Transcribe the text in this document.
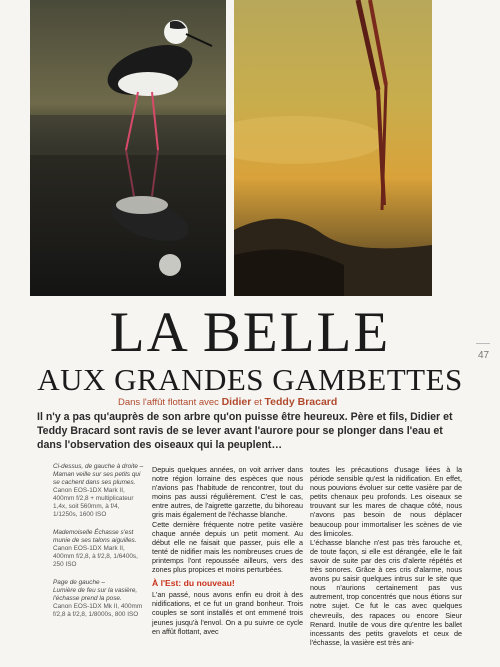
LA BELLE
AUX GRANDES GAMBETTES
Dans l'affût flottant avec Didier et Teddy Bracard
47
Il n'y a pas qu'auprès de son arbre qu'on puisse être heureux. Père et fils, Didier et Teddy Bracard sont ravis de se lever avant l'aurore pour se plonger dans l'eau et dans l'observation des oiseaux qui la peuplent…
Ci-dessus, de gauche à droite –
Maman veille sur ses petits qui se cachent dans ses plumes.
Canon EOS-1DX Mark II, 400mm f/2,8 + multiplicateur 1,4x, soit 560mm, à f/4, 1/1250s, 1600 ISO
Mademoiselle Échasse s'est munie de ses talons aiguilles.
Canon EOS-1DX Mark II, 400mm f/2,8, à f/2,8, 1/6400s, 250 ISO
Page de gauche –
Lumière de feu sur la vasière, l'échasse prend la pose.
Canon EOS-1DX Mk II, 400mm f/2,8 à f/2,8, 1/8000s, 800 ISO

Depuis quelques années, on voit arriver dans notre région lorraine des espèces que nous n'avions pas l'habitude de rencontrer, tout du moins pas aussi régulièrement. C'est le cas, entre autres, de l'aigrette garzette, du bihoreau gris mais également de l'échasse blanche.

Cette dernière fréquente notre petite vasière chaque année depuis un petit moment. Au début elle ne faisait que passer, puis elle a tenté de nidifier mais les nombreuses crues de printemps l'ont repoussée ailleurs, vers des zones plus propices et moins perturbées.

À l'Est: du nouveau!

L'an passé, nous avons enfin eu droit à des nidifications, et ce fut un grand bonheur. Trois couples se sont installés et ont emmené trois jeunes jusqu'à l'envol. On a pu suivre ce cycle en affût flottant, avec

toutes les précautions d'usage liées à la période sensible qu'est la nidification. En effet, nous pouvions évoluer sur cette vasière par de petits chenaux peu profonds. Les oiseaux se trouvant sur les mares de chaque côté, nous n'avons pas besoin de nous déplacer beaucoup pour immortaliser les scènes de vie des limicoles.

L'échasse blanche n'est pas très farouche et, de toute façon, si elle est dérangée, elle le fait savoir de suite par des cris d'alerte répétés et très sonores. Grâce à ces cris d'alarme, nous avons pu saisir quelques intrus sur le site que nous n'aurions certainement pas vus autrement, trop concentrés que nous étions sur notre sujet. Ce fut le cas avec quelques chevreuils, des rapaces ou encore Sieur Renard. Inutile de vous dire qu'entre les ballet incessants des petits gravelots et ceux de l'échasse, la vasière est très ani-
